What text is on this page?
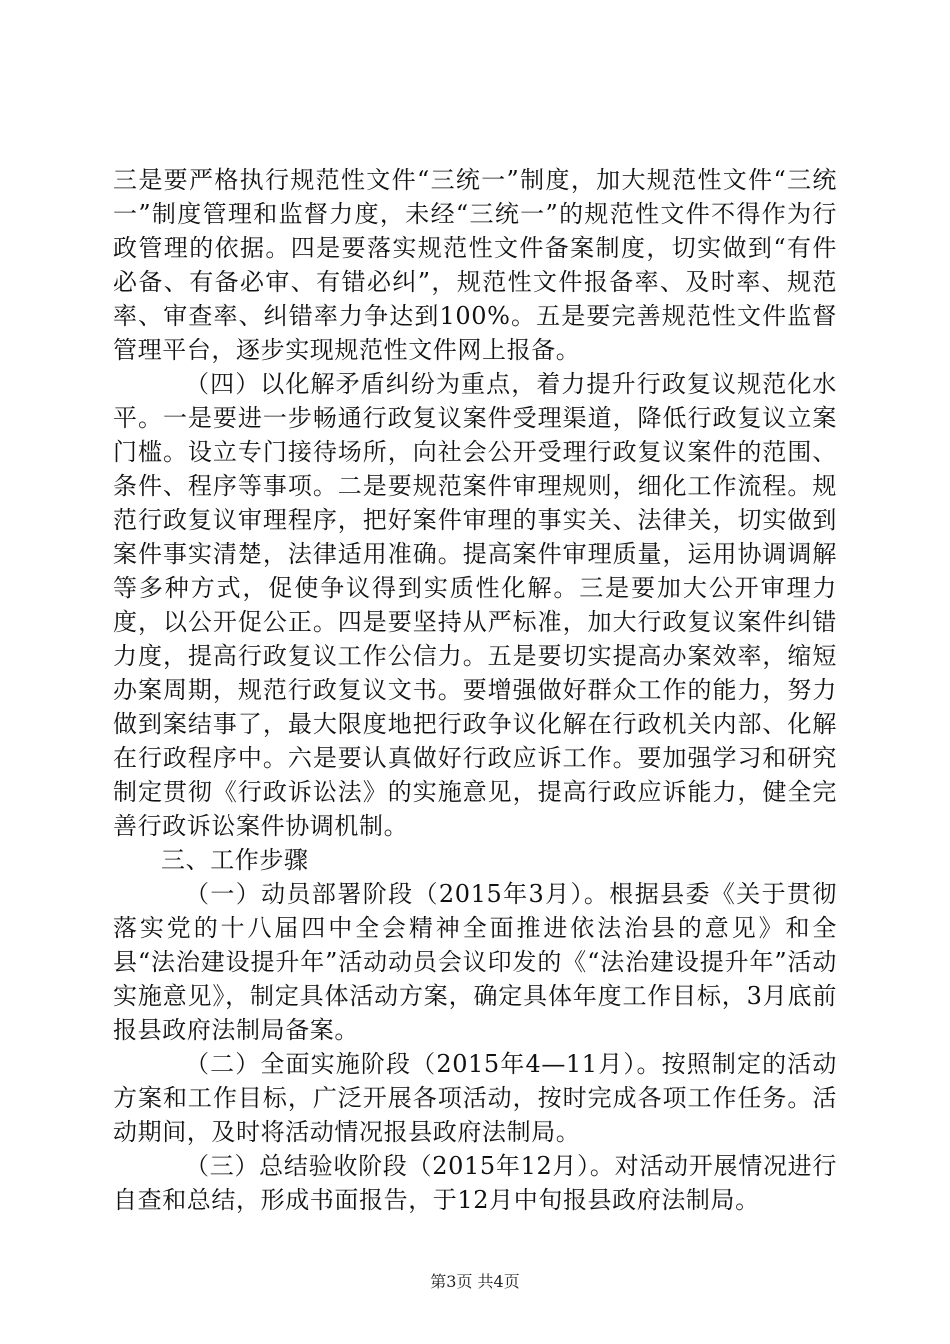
三是要严格执行规范性文件“三统一”制度，加大规范性文件“三统一”制度管理和监督力度，未经“三统一”的规范性文件不得作为行政管理的依据。四是要落实规范性文件备案制度，切实做到“有件必备、有备必审、有错必纠”，规范性文件报备率、及时率、规范率、审查率、纠错率力争达到100%。五是要完善规范性文件监督管理平台，逐步实现规范性文件网上报备。

（四）以化解矛盾纠纷为重点，着力提升行政复议规范化水平。一是要进一步畅通行政复议案件受理渠道，降低行政复议立案门槛。设立专门接待场所，向社会公开受理行政复议案件的范围、条件、程序等事项。二是要规范案件审理规则，细化工作流程。规范行政复议审理程序，把好案件审理的事实关、法律关，切实做到案件事实清楚，法律适用准确。提高案件审理质量，运用协调调解等多种方式，促使争议得到实质性化解。三是要加大公开审理力度，以公开促公正。四是要坚持从严标准，加大行政复议案件纠错力度，提高行政复议工作公信力。五是要切实提高办案效率，缩短办案周期，规范行政复议文书。要增强做好群众工作的能力，努力做到案结事了，最大限度地把行政争议化解在行政机关内部、化解在行政程序中。六是要认真做好行政应诉工作。要加强学习和研究制定贯彻《行政诉讼法》的实施意见，提高行政应诉能力，健全完善行政诉讼案件协调机制。

三、工作步骤

（一）动员部署阶段（2015年3月）。根据县委《关于贯彻落实党的十八届四中全会精神全面推进依法治县的意见》和全县“法治建设提升年”活动动员会议印发的《“法治建设提升年”活动实施意见》，制定具体活动方案，确定具体年度工作目标，3月底前报县政府法制局备案。

（二）全面实施阶段（2015年4—11月）。按照制定的活动方案和工作目标，广泛开展各项活动，按时完成各项工作任务。活动期间，及时将活动情况报县政府法制局。

（三）总结验收阶段（2015年12月）。对活动开展情况进行自查和总结，形成书面报告，于12月中旬报县政府法制局。

第3页 共4页
